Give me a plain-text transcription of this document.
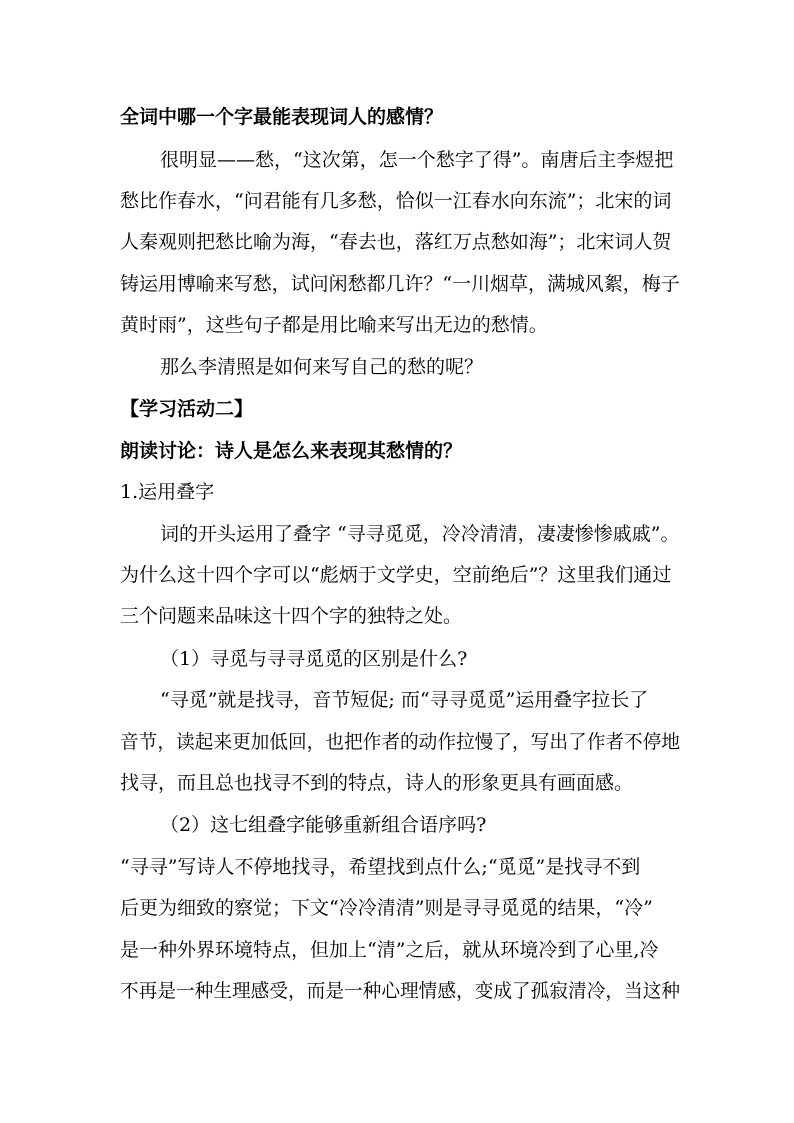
全词中哪一个字最能表现词人的感情？
很明显——愁，“这次第，怎一个愁字了得”。南唐后主李煜把
愁比作春水，“问君能有几多愁，恰似一江春水向东流”；北宋的词
人秦观则把愁比喻为海，“春去也，落红万点愁如海”；北宋词人贺
铸运用博喻来写愁，试问闲愁都几许？“一川烟草，满城风絮，梅子
黄时雨”，这些句子都是用比喻来写出无边的愁情。
那么李清照是如何来写自己的愁的呢？
【学习活动二】
朗读讨论：诗人是怎么来表现其愁情的？
1.运用叠字
词的开头运用了叠字 “寻寻觅觅，冷冷清清，凄凄惨惨戚戚”。
为什么这十四个字可以“彪炳于文学史，空前绝后”？这里我们通过
三个问题来品味这十四个字的独特之处。
（1）寻觅与寻寻觅觅的区别是什么?
“寻觅”就是找寻，音节短促; 而“寻寻觅觅”运用叠字拉长了
音节，读起来更加低回，也把作者的动作拉慢了，写出了作者不停地
找寻，而且总也找寻不到的特点，诗人的形象更具有画面感。
（2）这七组叠字能够重新组合语序吗?
“寻寻”写诗人不停地找寻，希望找到点什么;“觅觅”是找寻不到
后更为细致的察觉；下文“冷冷清清”则是寻寻觅觅的结果，“冷”
是一种外界环境特点，但加上“清”之后，就从环境冷到了心里,冷
不再是一种生理感受，而是一种心理情感，变成了孤寂清冷，当这种
